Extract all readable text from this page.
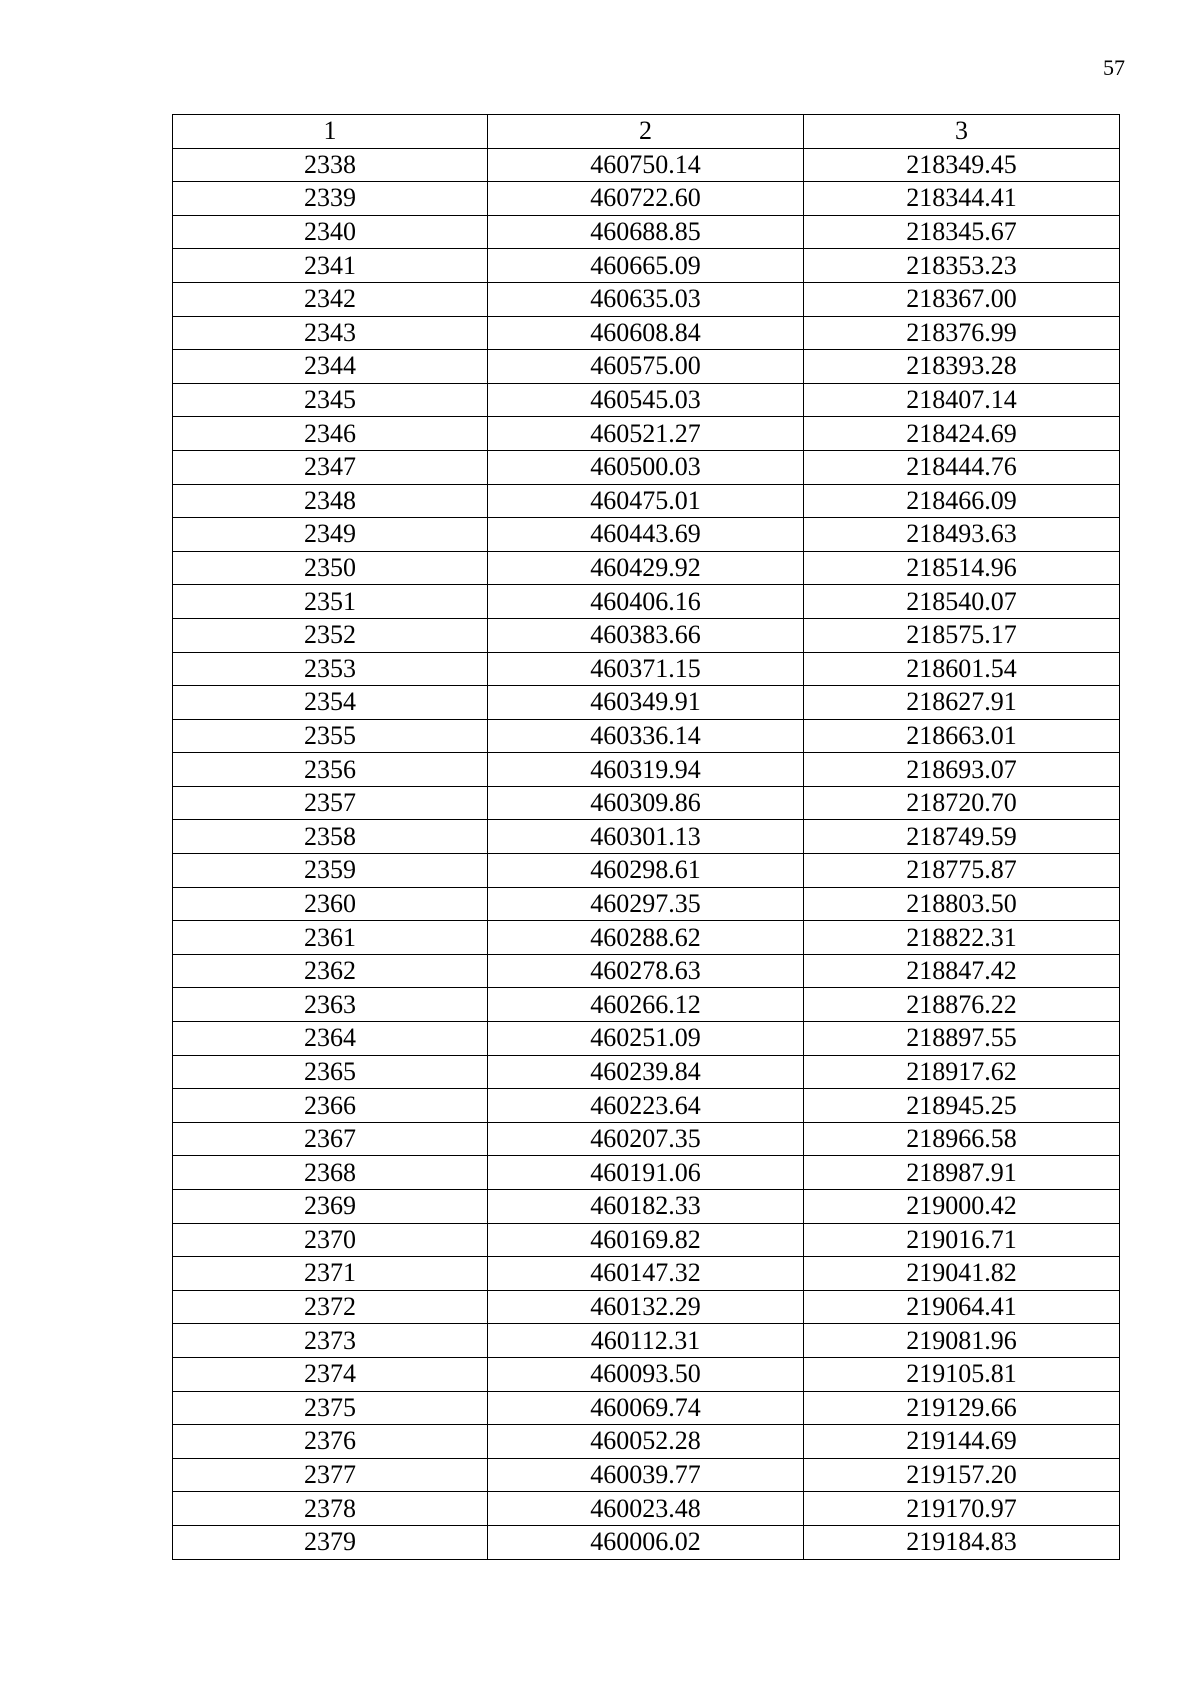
57
1	2	3
2338	460750.14	218349.45
2339	460722.60	218344.41
2340	460688.85	218345.67
2341	460665.09	218353.23
2342	460635.03	218367.00
2343	460608.84	218376.99
2344	460575.00	218393.28
2345	460545.03	218407.14
2346	460521.27	218424.69
2347	460500.03	218444.76
2348	460475.01	218466.09
2349	460443.69	218493.63
2350	460429.92	218514.96
2351	460406.16	218540.07
2352	460383.66	218575.17
2353	460371.15	218601.54
2354	460349.91	218627.91
2355	460336.14	218663.01
2356	460319.94	218693.07
2357	460309.86	218720.70
2358	460301.13	218749.59
2359	460298.61	218775.87
2360	460297.35	218803.50
2361	460288.62	218822.31
2362	460278.63	218847.42
2363	460266.12	218876.22
2364	460251.09	218897.55
2365	460239.84	218917.62
2366	460223.64	218945.25
2367	460207.35	218966.58
2368	460191.06	218987.91
2369	460182.33	219000.42
2370	460169.82	219016.71
2371	460147.32	219041.82
2372	460132.29	219064.41
2373	460112.31	219081.96
2374	460093.50	219105.81
2375	460069.74	219129.66
2376	460052.28	219144.69
2377	460039.77	219157.20
2378	460023.48	219170.97
2379	460006.02	219184.83
